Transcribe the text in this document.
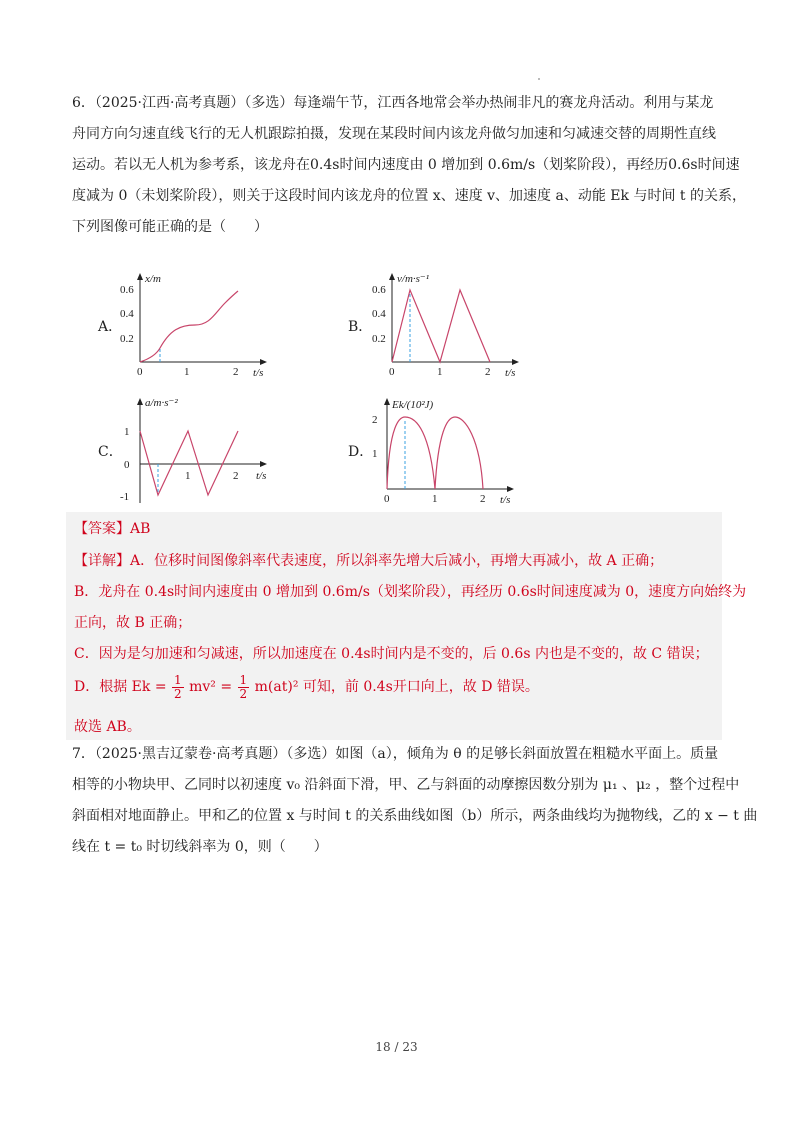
6．（2025·江西·高考真题）（多选）每逢端午节，江西各地常会举办热闹非凡的赛龙舟活动。利用与某龙
舟同方向匀速直线飞行的无人机跟踪拍摄，发现在某段时间内该龙舟做匀加速和匀减速交替的周期性直线
运动。若以无人机为参考系，该龙舟在0.4s时间内速度由 0 增加到 0.6m/s（划桨阶段），再经历0.6s时间速
度减为 0（未划桨阶段），则关于这段时间内该龙舟的位置 x、速度 v、加速度 a、动能 Ek 与时间 t 的关系，
下列图像可能正确的是（　　）
A．	B．
C．	D．
x/m
t/s
0.6
0.4
0.2
0	1	2
v/m·s⁻¹
t/s
0.6
0.4
0.2
0	1	2
a/m·s⁻²
t/s
1
0
-1
1	2
Ek/(10²J)
t/s
2
1
0	1	2
【答案】AB
【详解】A．位移时间图像斜率代表速度，所以斜率先增大后减小，再增大再减小，故 A 正确；
B．龙舟在 0.4s时间内速度由 0 增加到 0.6m/s（划桨阶段），再经历 0.6s时间速度减为 0，速度方向始终为
正向，故 B 正确；
C．因为是匀加速和匀减速，所以加速度在 0.4s时间内是不变的，后 0.6s 内也是不变的，故 C 错误；
D．根据 $Ek = \frac{1}{2} mv^2 = \frac{1}{2} m(at)^2$ 可知，前 0.4s开口向上，故 D 错误。
故选 AB。
7．（2025·黑吉辽蒙卷·高考真题）（多选）如图（a），倾角为 θ 的足够长斜面放置在粗糙水平面上。质量
相等的小物块甲、乙同时以初速度 v₀ 沿斜面下滑，甲、乙与斜面的动摩擦因数分别为 μ₁ 、μ₂ ，整个过程中
斜面相对地面静止。甲和乙的位置 x 与时间 t 的关系曲线如图（b）所示，两条曲线均为抛物线，乙的 x − t 曲
线在 t = t₀ 时切线斜率为 0，则（　　）
18 / 23
